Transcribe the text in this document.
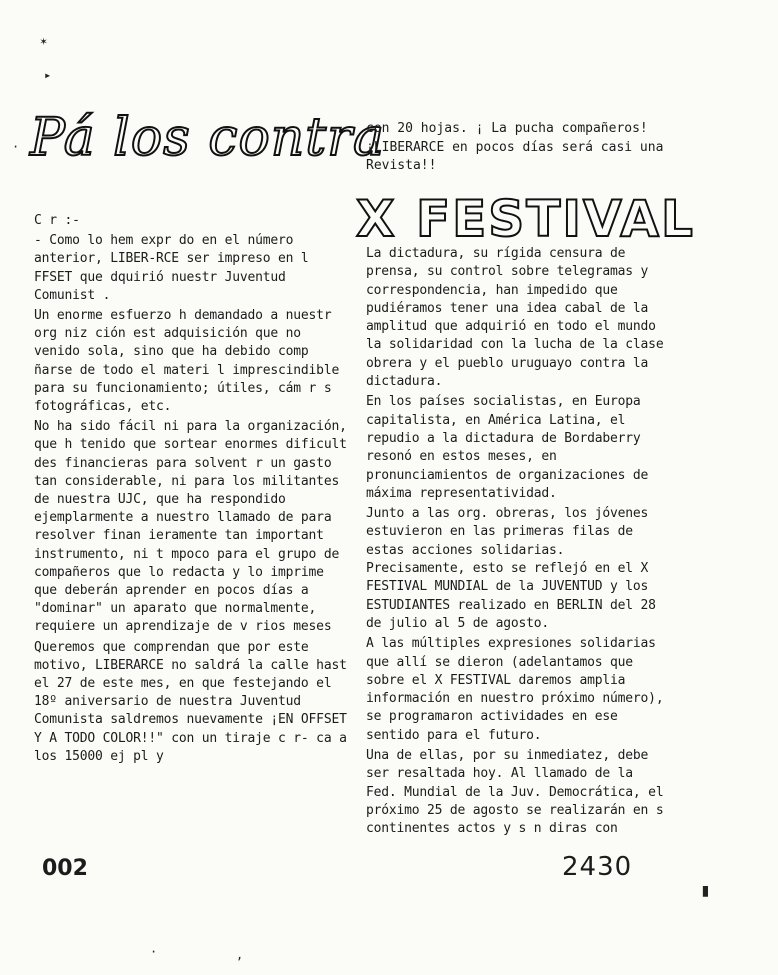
✶
▸
· Pá los contra
con 20 hojas. ¡ La pucha compañeros! ¡LIBERARCE en pocos días será casi una Revista!!
X FESTIVAL

C r :-

- Como lo hem expr do en el número anterior, LIBER-RCE ser impreso en l FFSET que dquirió nuestr Juventud Comunist .

Un enorme esfuerzo h demandado a nuestr org niz ción est adquisición que no venido sola, sino que ha debido comp ñarse de todo el materi l imprescindible para su funcionamiento; útiles, cám r s fotográficas, etc.

No ha sido fácil ni para la organización, que h tenido que sortear enormes dificult des financieras para solvent r un gasto tan considerable, ni para los militantes de nuestra UJC, que ha respondido ejemplarmente a nuestro llamado de para resolver finan ieramente tan important instrumento, ni t mpoco para el grupo de compañeros que lo redacta y lo imprime que deberán aprender en pocos días a "dominar" un aparato que normalmente, requiere un aprendizaje de v rios meses

Queremos que comprendan que por este motivo, LIBERARCE no saldrá la calle hast el 27 de este mes, en que festejando el 18º aniversario de nuestra Juventud Comunista saldremos nuevamente ¡EN OFFSET Y A TODO COLOR!!" con un tiraje c r- ca a los 15000 ej pl y

La dictadura, su rígida censura de prensa, su control sobre telegramas y correspondencia, han impedido que pudiéramos tener una idea cabal de la amplitud que adquirió en todo el mundo la solidaridad con la lucha de la clase obrera y el pueblo uruguayo contra la dictadura.

En los países socialistas, en Europa capitalista, en América Latina, el repudio a la dictadura de Bordaberry resonó en estos meses, en pronunciamientos de organizaciones de máxima representatividad.

Junto a las org. obreras, los jóvenes estuvieron en las primeras filas de estas acciones solidarias. Precisamente, esto se reflejó en el X FESTIVAL MUNDIAL de la JUVENTUD y los ESTUDIANTES realizado en BERLIN del 28 de julio al 5 de agosto.

A las múltiples expresiones solidarias que allí se dieron (adelantamos que sobre el X FESTIVAL daremos amplia información en nuestro próximo número), se programaron actividades en ese sentido para el futuro.

Una de ellas, por su inmediatez, debe ser resaltada hoy. Al llamado de la Fed. Mundial de la Juv. Democrática, el próximo 25 de agosto se realizarán en s continentes actos y s n diras con

002	2430
▮
·	‚
